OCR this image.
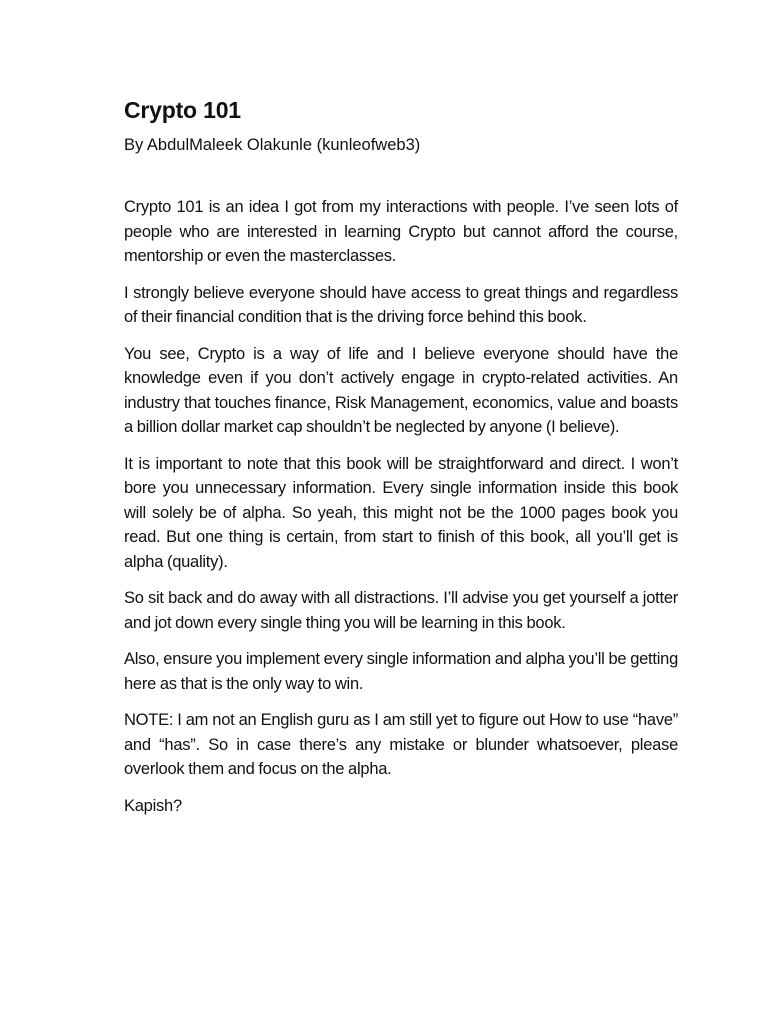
Crypto 101

By AbdulMaleek Olakunle (kunleofweb3)

Crypto 101 is an idea I got from my interactions with people. I’ve seen lots of people who are interested in learning Crypto but cannot afford the course, mentorship or even the masterclasses.

I strongly believe everyone should have access to great things and regardless of their financial condition that is the driving force behind this book.

You see, Crypto is a way of life and I believe everyone should have the knowledge even if you don’t actively engage in crypto-related activities. An industry that touches finance, Risk Management, economics, value and boasts a billion dollar market cap shouldn’t be neglected by anyone (I believe).

It is important to note that this book will be straightforward and direct. I won’t bore you unnecessary information. Every single information inside this book will solely be of alpha. So yeah, this might not be the 1000 pages book you read. But one thing is certain, from start to finish of this book, all you’ll get is alpha (quality).

So sit back and do away with all distractions. I’ll advise you get yourself a jotter and jot down every single thing you will be learning in this book.

Also, ensure you implement every single information and alpha you’ll be getting here as that is the only way to win.

NOTE: I am not an English guru as I am still yet to figure out How to use “have” and “has”. So in case there’s any mistake or blunder whatsoever, please overlook them and focus on the alpha.

Kapish?
